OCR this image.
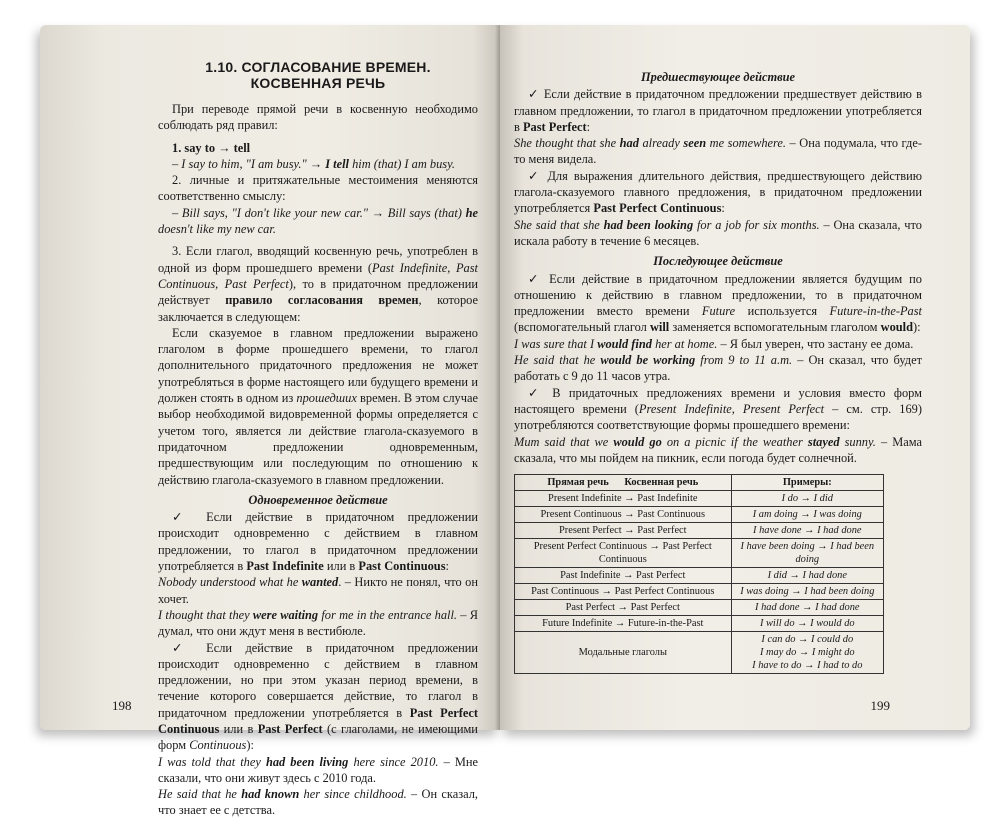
1.10. СОГЛАСОВАНИЕ ВРЕМЕН. КОСВЕННАЯ РЕЧЬ

При переводе прямой речи в косвенную необходимо соблюдать ряд правил:

1. say to → tell

– I say to him, "I am busy." → I tell him (that) I am busy.

2. личные и притяжательные местоимения меняются соответственно смыслу:

– Bill says, "I don't like your new car." → Bill says (that) he doesn't like my new car.

3. Если глагол, вводящий косвенную речь, употреблен в одной из форм прошедшего времени (Past Indefinite, Past Continuous, Past Perfect), то в придаточном предложении действует правило согласования времен, которое заключается в следующем:

Если сказуемое в главном предложении выражено глаголом в форме прошедшего времени, то глагол дополнительного придаточного предложения не может употребляться в форме настоящего или будущего времени и должен стоять в одном из прошедших времен. В этом случае выбор необходимой видовременной формы определяется с учетом того, является ли действие глагола-сказуемого в придаточном предложении одновременным, предшествующим или последующим по отношению к действию глагола-сказуемого в главном предложении.

Одновременное действие

✓ Если действие в придаточном предложении происходит одновременно с действием в главном предложении, то глагол в придаточном предложении употребляется в Past Indefinite или в Past Continuous:

Nobody understood what he wanted. – Никто не понял, что он хочет.

I thought that they were waiting for me in the entrance hall. – Я думал, что они ждут меня в вестибюле.

✓ Если действие в придаточном предложении происходит одновременно с действием в главном предложении, но при этом указан период времени, в течение которого совершается действие, то глагол в придаточном предложении употребляется в Past Perfect Continuous или в Past Perfect (с глаголами, не имеющими форм Continuous):

I was told that they had been living here since 2010. – Мне сказали, что они живут здесь с 2010 года.

He said that he had known her since childhood. – Он сказал, что знает ее с детства.

198
Предшествующее действие

✓ Если действие в придаточном предложении предшествует действию в главном предложении, то глагол в придаточном предложении употребляется в Past Perfect:

She thought that she had already seen me somewhere. – Она подумала, что где-то меня видела.

✓ Для выражения длительного действия, предшествующего действию глагола-сказуемого главного предложения, в придаточном предложении употребляется Past Perfect Continuous:

She said that she had been looking for a job for six months. – Она сказала, что искала работу в течение 6 месяцев.

Последующее действие

✓ Если действие в придаточном предложении является будущим по отношению к действию в главном предложении, то в придаточном предложении вместо времени Future используется Future-in-the-Past (вспомогательный глагол will заменяется вспомогательным глаголом would):

I was sure that I would find her at home. – Я был уверен, что застану ее дома.

He said that he would be working from 9 to 11 a.m. – Он сказал, что будет работать с 9 до 11 часов утра.

✓ В придаточных предложениях времени и условия вместо форм настоящего времени (Present Indefinite, Present Perfect – см. стр. 169) употребляются соответствующие формы прошедшего времени:

Mum said that we would go on a picnic if the weather stayed sunny. – Мама сказала, что мы пойдем на пикник, если погода будет солнечной.

Прямая речь Косвенная речь	Примеры:
Present Indefinite → Past Indefinite	I do → I did
Present Continuous → Past Continuous	I am doing → I was doing
Present Perfect → Past Perfect	I have done → I had done
Present Perfect Continuous → Past Perfect Continuous	I have been doing → I had been doing
Past Indefinite → Past Perfect	I did → I had done
Past Continuous → Past Perfect Continuous	I was doing → I had been doing
Past Perfect → Past Perfect	I had done → I had done
Future Indefinite → Future-in-the-Past	I will do → I would do
Модальные глаголы	I can do → I could do
I may do → I might do
I have to do → I had to do
199
